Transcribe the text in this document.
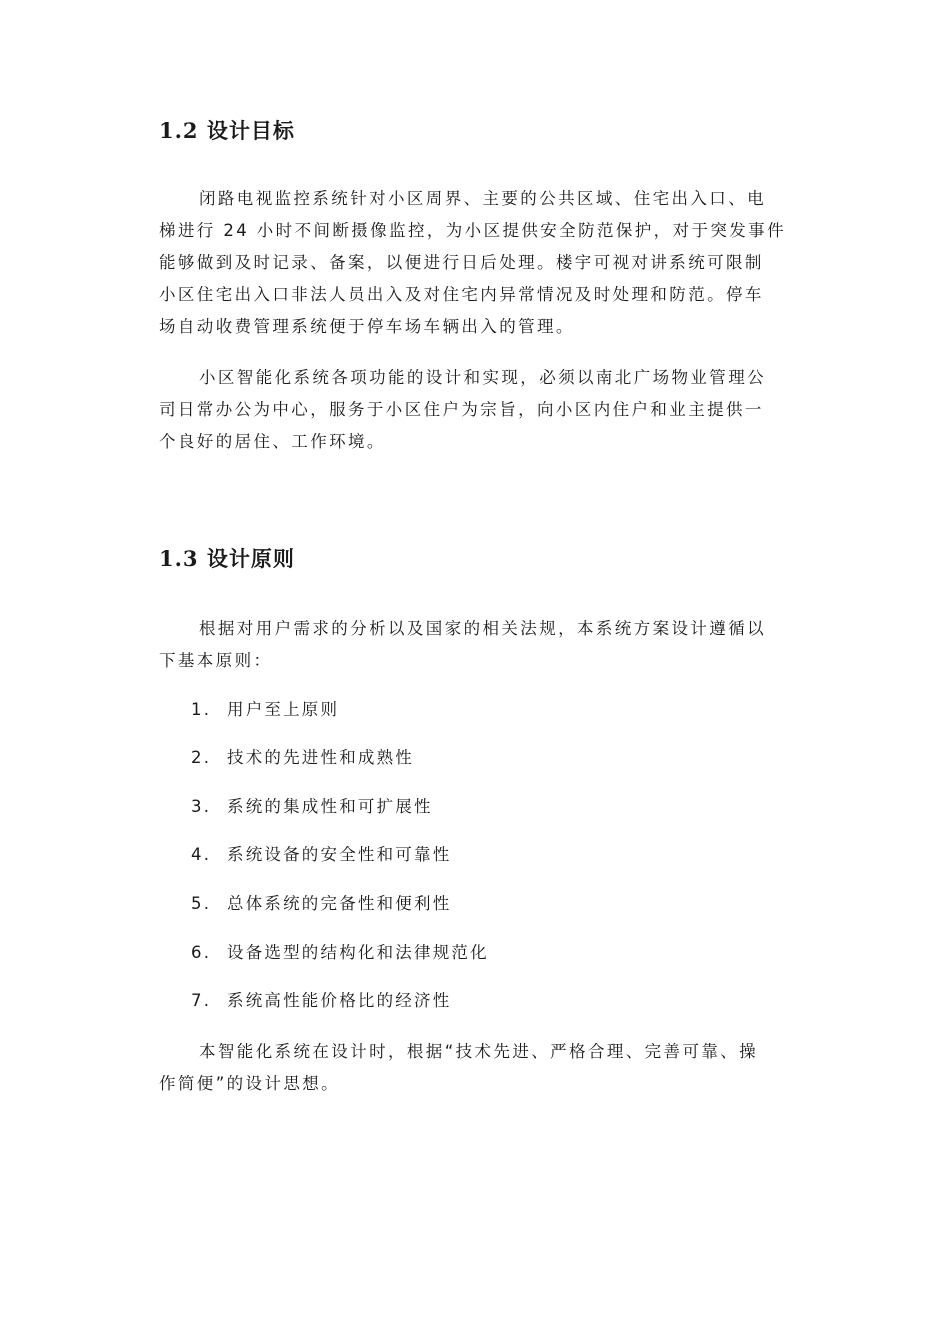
1.2 设计目标
闭路电视监控系统针对小区周界、主要的公共区域、住宅出入口、电
梯进行 24 小时不间断摄像监控，为小区提供安全防范保护，对于突发事件
能够做到及时记录、备案，以便进行日后处理。楼宇可视对讲系统可限制
小区住宅出入口非法人员出入及对住宅内异常情况及时处理和防范。停车
场自动收费管理系统便于停车场车辆出入的管理。
小区智能化系统各项功能的设计和实现，必须以南北广场物业管理公
司日常办公为中心，服务于小区住户为宗旨，向小区内住户和业主提供一
个良好的居住、工作环境。
1.3 设计原则
根据对用户需求的分析以及国家的相关法规，本系统方案设计遵循以
下基本原则：
1. 用户至上原则
2. 技术的先进性和成熟性
3. 系统的集成性和可扩展性
4. 系统设备的安全性和可靠性
5. 总体系统的完备性和便利性
6. 设备选型的结构化和法律规范化
7. 系统高性能价格比的经济性
本智能化系统在设计时，根据“技术先进、严格合理、完善可靠、操
作简便”的设计思想。
